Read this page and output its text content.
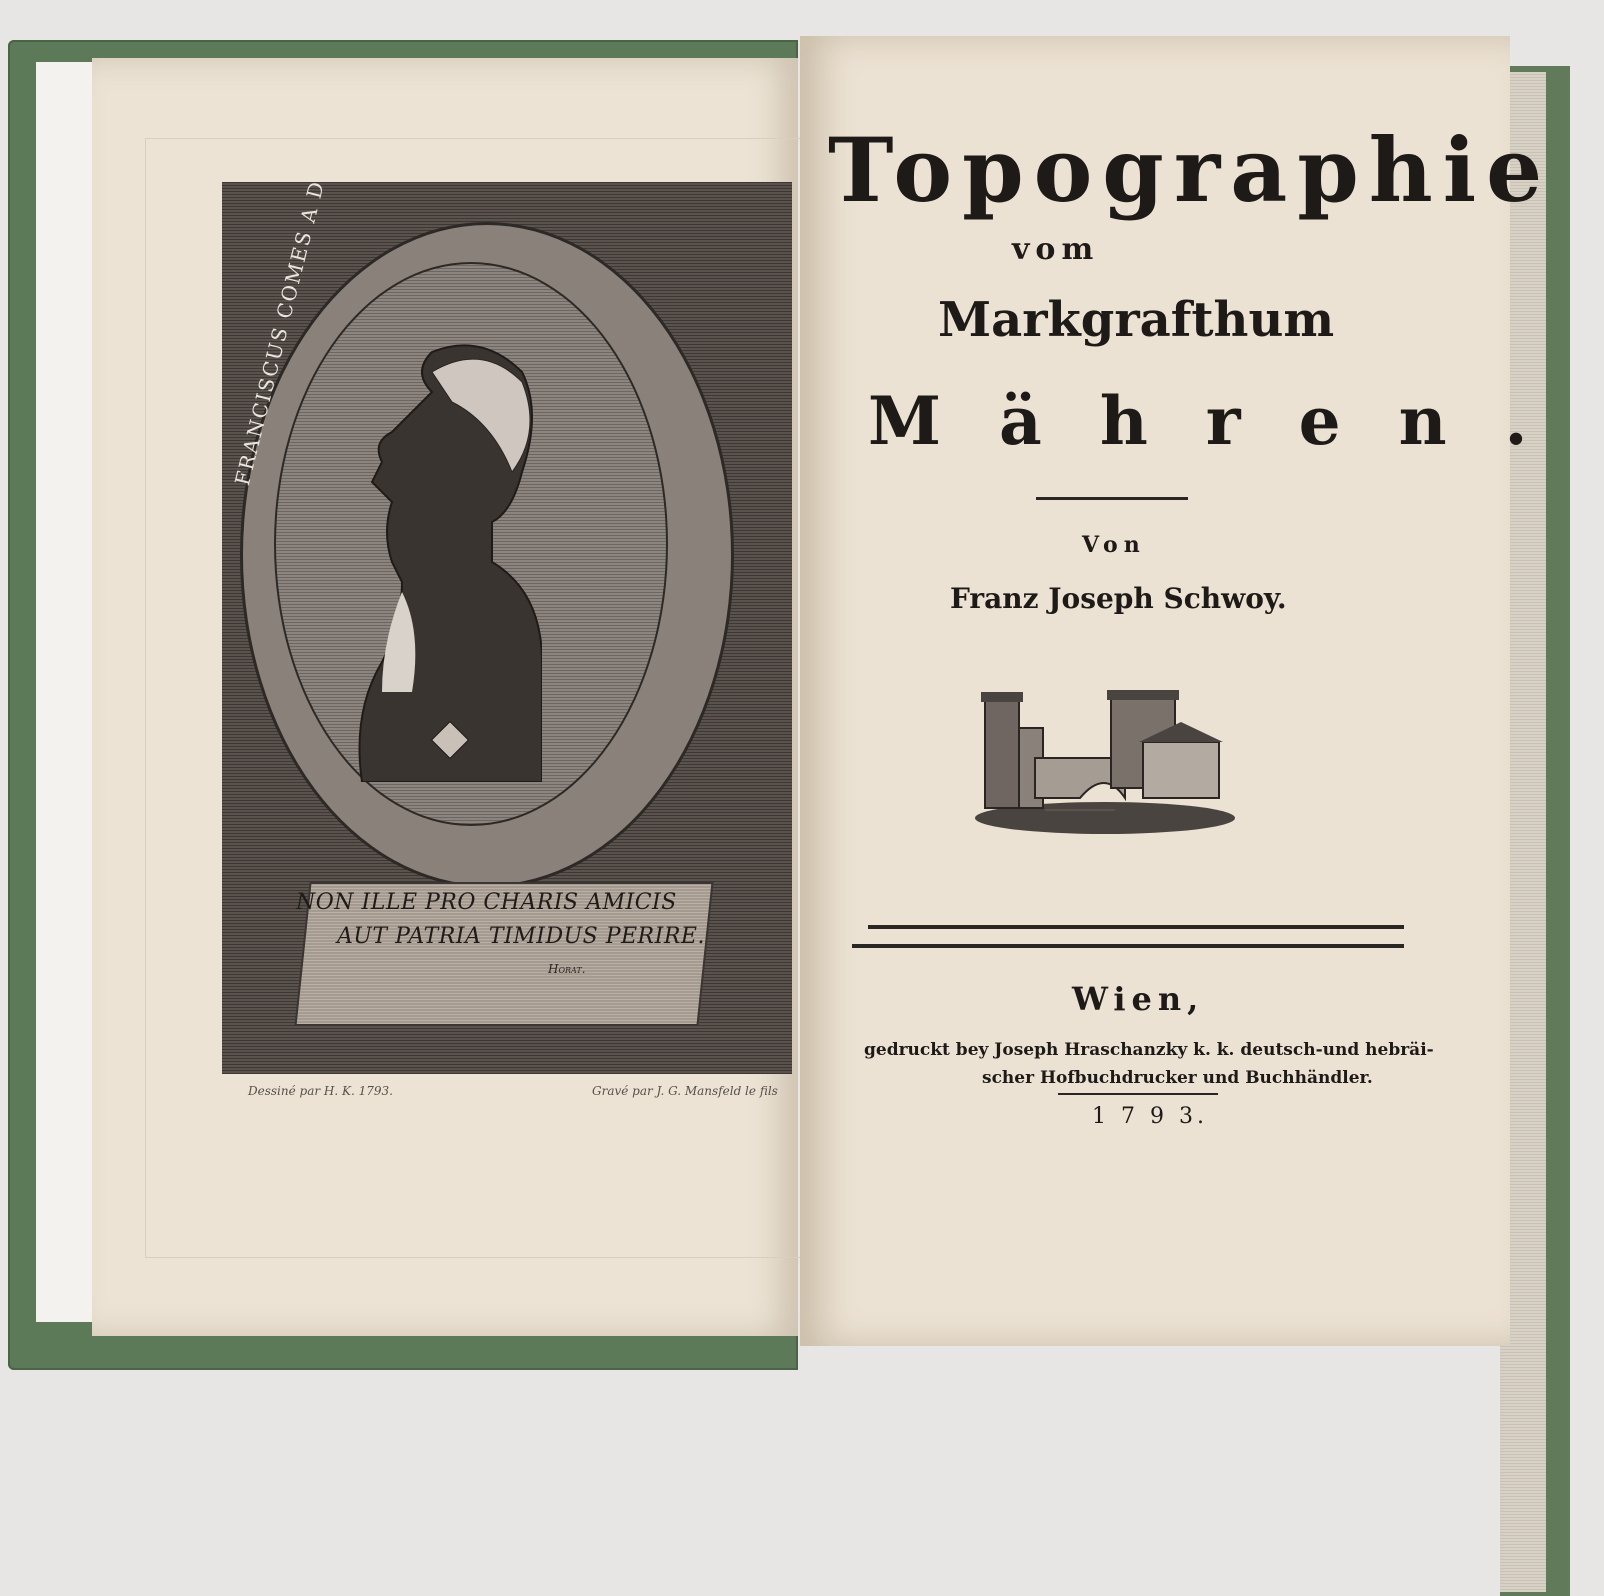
FRANCISCUS COMES A
NON ILLE PRO CHARIS AMICIS
AUT PATRIA TIMIDUS PERIRE.
Horat.
Dessiné par H. K. 1793.	Gravé par J. G. Mansfeld le fils
Topographie
vom
Markgrafthum
Mähren.
Von
Franz Joseph Schwoy.
Wien,
gedruckt bey Joseph Hraschanzky k. k. deutsch-und hebräi-
scher Hofbuchdrucker und Buchhändler.
1 7 9 3.
